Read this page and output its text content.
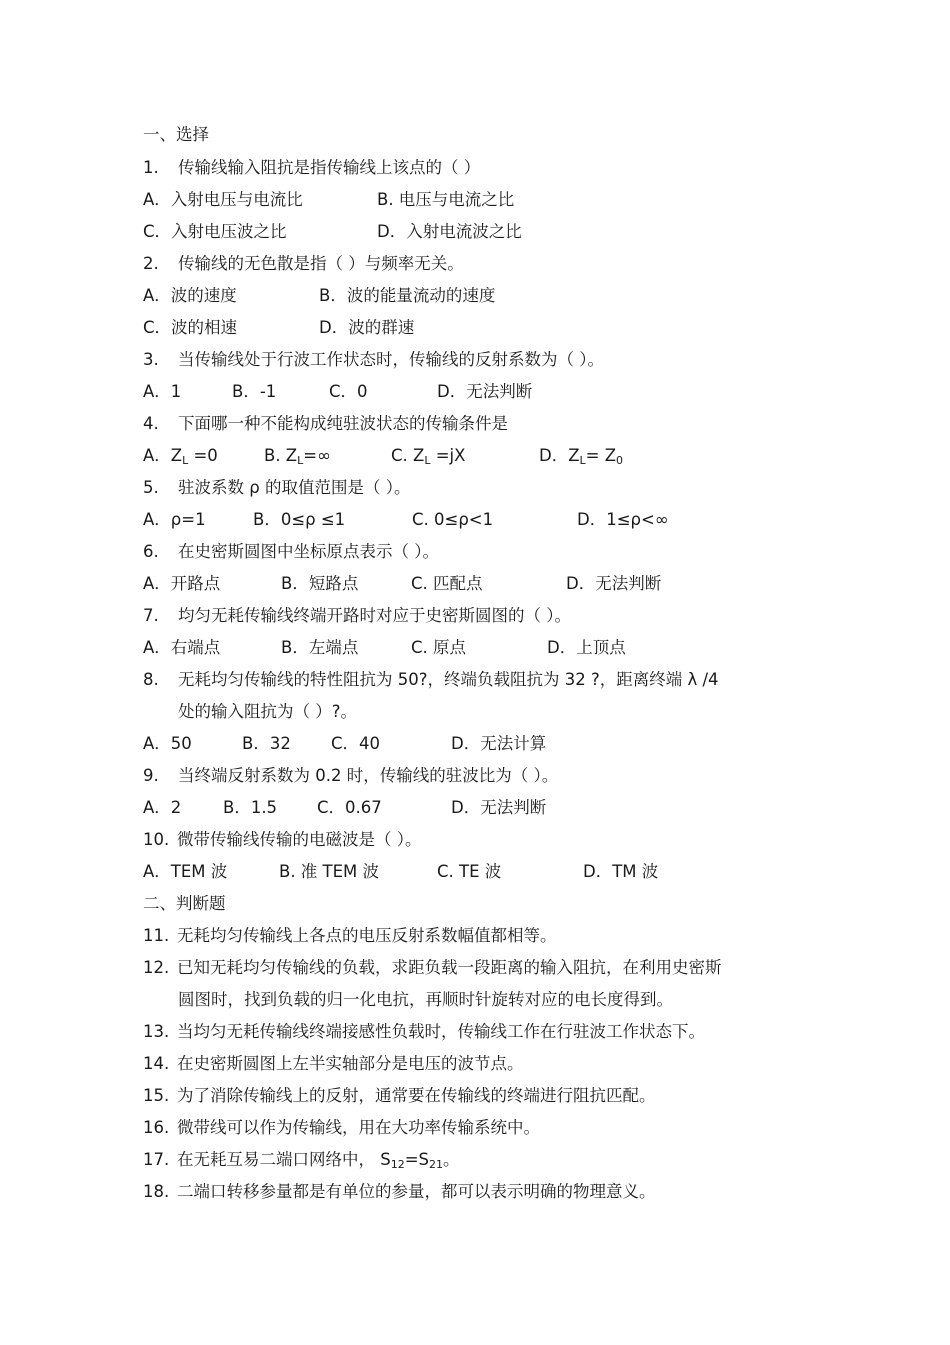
一、选择
1. 传输线输入阻抗是指传输线上该点的（ ）
A．入射电压与电流比	B. 电压与电流之比
C．入射电压波之比	D．入射电流波之比
2. 传输线的无色散是指（ ）与频率无关。
A．波的速度	B．波的能量流动的速度
C．波的相速	D．波的群速
3. 当传输线处于行波工作状态时，传输线的反射系数为（ ）。
A．1	B．-1	C．0	D．无法判断
4. 下面哪一种不能构成纯驻波状态的传输条件是
A．$Z_L =0$	B. $Z_L=\infty$	C. $Z_L =jX$	D．$Z_L= Z_0$
5. 驻波系数 ρ 的取值范围是（ ）。
A．ρ=1	B．0≤ρ ≤1	C. 0≤ρ<1	D．1≤ρ<∞
6. 在史密斯圆图中坐标原点表示（ ）。
A．开路点	B．短路点	C. 匹配点	D．无法判断
7. 均匀无耗传输线终端开路时对应于史密斯圆图的（ ）。
A．右端点	B．左端点	C. 原点	D．上顶点
8. 无耗均匀传输线的特性阻抗为 50?，终端负载阻抗为 32 ?，距离终端 λ /4
处的输入阻抗为（ ）?。
A．50	B．32 C．40	D．无法计算
9. 当终端反射系数为 0.2 时，传输线的驻波比为（ ）。
A．2	B．1.5 C．0.67	D．无法判断
10. 微带传输线传输的电磁波是（ ）。
A．TEM 波	B. 准 TEM 波	C. TE 波	D．TM 波
二、判断题
11. 无耗均匀传输线上各点的电压反射系数幅值都相等。
12. 已知无耗均匀传输线的负载，求距负载一段距离的输入阻抗，在利用史密斯
圆图时，找到负载的归一化电抗，再顺时针旋转对应的电长度得到。
13. 当均匀无耗传输线终端接感性负载时，传输线工作在行驻波工作状态下。
14. 在史密斯圆图上左半实轴部分是电压的波节点。
15. 为了消除传输线上的反射，通常要在传输线的终端进行阻抗匹配。
16. 微带线可以作为传输线，用在大功率传输系统中。
17. 在无耗互易二端口网络中， $S_{12}=S_{21}$。
18. 二端口转移参量都是有单位的参量，都可以表示明确的物理意义。
